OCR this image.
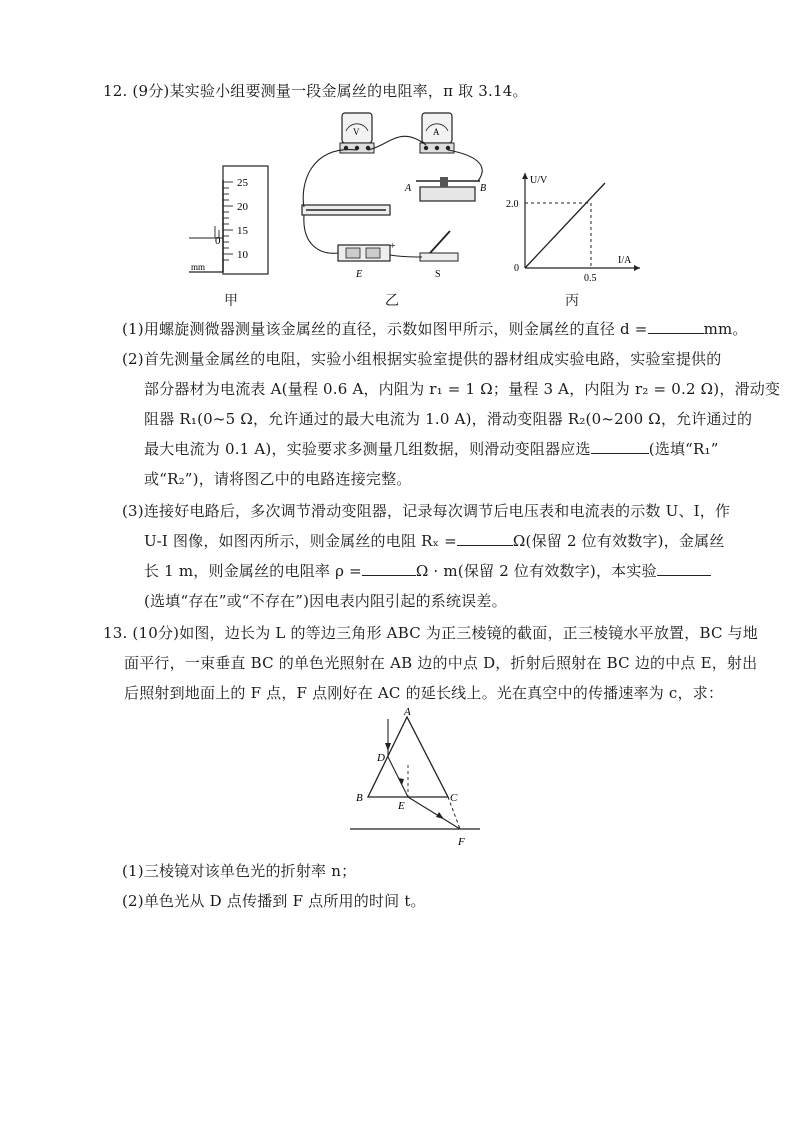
12. (9分)某实验小组要测量一段金属丝的电阻率，π 取 3.14。
25
20
15
10
0
mm
甲
V	A
A	B
+
E	S
乙
U/V
I/A
2.0
0.5
0
丙
(1)用螺旋测微器测量该金属丝的直径，示数如图甲所示，则金属丝的直径 d =	mm。
(2)首先测量金属丝的电阻，实验小组根据实验室提供的器材组成实验电路，实验室提供的
部分器材为电流表 A(量程 0.6 A，内阻为 r₁ = 1 Ω；量程 3 A，内阻为 r₂ = 0.2 Ω)，滑动变
阻器 R₁(0~5 Ω，允许通过的最大电流为 1.0 A)，滑动变阻器 R₂(0~200 Ω，允许通过的
最大电流为 0.1 A)，实验要求多测量几组数据，则滑动变阻器应选	(选填“R₁”
或“R₂”)，请将图乙中的电路连接完整。
(3)连接好电路后，多次调节滑动变阻器，记录每次调节后电压表和电流表的示数 U、I，作
U-I 图像，如图丙所示，则金属丝的电阻 Rₓ =	Ω(保留 2 位有效数字)，金属丝
长 1 m，则金属丝的电阻率 ρ =	Ω · m(保留 2 位有效数字)，本实验
(选填“存在”或“不存在”)因电表内阻引起的系统误差。
13. (10分)如图，边长为 L 的等边三角形 ABC 为正三棱镜的截面，正三棱镜水平放置，BC 与地
面平行，一束垂直 BC 的单色光照射在 AB 边的中点 D，折射后照射在 BC 边的中点 E，射出
后照射到地面上的 F 点，F 点刚好在 AC 的延长线上。光在真空中的传播速率为 c，求：
A
B	C
D
E
F
(1)三棱镜对该单色光的折射率 n；
(2)单色光从 D 点传播到 F 点所用的时间 t。
